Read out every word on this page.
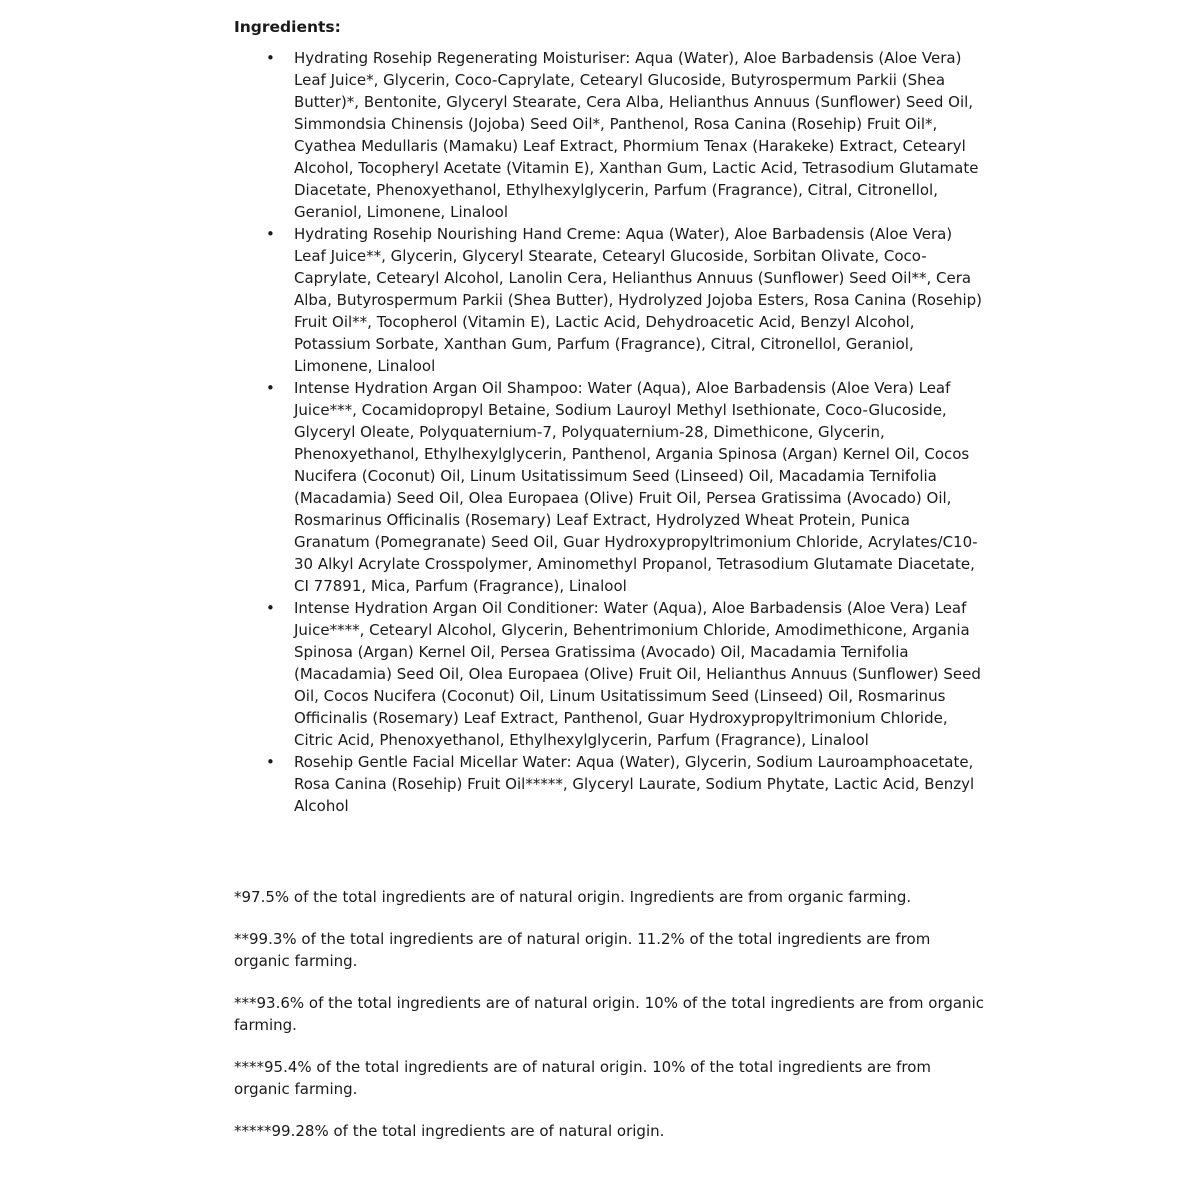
Ingredients:
• Hydrating Rosehip Regenerating Moisturiser: Aqua (Water), Aloe Barbadensis (Aloe Vera) Leaf Juice*, Glycerin, Coco-Caprylate, Cetearyl Glucoside, Butyrospermum Parkii (Shea Butter)*, Bentonite, Glyceryl Stearate, Cera Alba, Helianthus Annuus (Sunflower) Seed Oil, Simmondsia Chinensis (Jojoba) Seed Oil*, Panthenol, Rosa Canina (Rosehip) Fruit Oil*, Cyathea Medullaris (Mamaku) Leaf Extract, Phormium Tenax (Harakeke) Extract, Cetearyl Alcohol, Tocopheryl Acetate (Vitamin E), Xanthan Gum, Lactic Acid, Tetrasodium Glutamate Diacetate, Phenoxyethanol, Ethylhexylglycerin, Parfum (Fragrance), Citral, Citronellol, Geraniol, Limonene, Linalool
• Hydrating Rosehip Nourishing Hand Creme: Aqua (Water), Aloe Barbadensis (Aloe Vera) Leaf Juice**, Glycerin, Glyceryl Stearate, Cetearyl Glucoside, Sorbitan Olivate, Coco-Caprylate, Cetearyl Alcohol, Lanolin Cera, Helianthus Annuus (Sunflower) Seed Oil**, Cera Alba, Butyrospermum Parkii (Shea Butter), Hydrolyzed Jojoba Esters, Rosa Canina (Rosehip) Fruit Oil**, Tocopherol (Vitamin E), Lactic Acid, Dehydroacetic Acid, Benzyl Alcohol, Potassium Sorbate, Xanthan Gum, Parfum (Fragrance), Citral, Citronellol, Geraniol, Limonene, Linalool
• Intense Hydration Argan Oil Shampoo: Water (Aqua), Aloe Barbadensis (Aloe Vera) Leaf Juice***, Cocamidopropyl Betaine, Sodium Lauroyl Methyl Isethionate, Coco-Glucoside, Glyceryl Oleate, Polyquaternium-7, Polyquaternium-28, Dimethicone, Glycerin, Phenoxyethanol, Ethylhexylglycerin, Panthenol, Argania Spinosa (Argan) Kernel Oil, Cocos Nucifera (Coconut) Oil, Linum Usitatissimum Seed (Linseed) Oil, Macadamia Ternifolia (Macadamia) Seed Oil, Olea Europaea (Olive) Fruit Oil, Persea Gratissima (Avocado) Oil, Rosmarinus Officinalis (Rosemary) Leaf Extract, Hydrolyzed Wheat Protein, Punica Granatum (Pomegranate) Seed Oil, Guar Hydroxypropyltrimonium Chloride, Acrylates/C10-30 Alkyl Acrylate Crosspolymer, Aminomethyl Propanol, Tetrasodium Glutamate Diacetate, CI 77891, Mica, Parfum (Fragrance), Linalool
• Intense Hydration Argan Oil Conditioner: Water (Aqua), Aloe Barbadensis (Aloe Vera) Leaf Juice****, Cetearyl Alcohol, Glycerin, Behentrimonium Chloride, Amodimethicone, Argania Spinosa (Argan) Kernel Oil, Persea Gratissima (Avocado) Oil, Macadamia Ternifolia (Macadamia) Seed Oil, Olea Europaea (Olive) Fruit Oil, Helianthus Annuus (Sunflower) Seed Oil, Cocos Nucifera (Coconut) Oil, Linum Usitatissimum Seed (Linseed) Oil, Rosmarinus Officinalis (Rosemary) Leaf Extract, Panthenol, Guar Hydroxypropyltrimonium Chloride, Citric Acid, Phenoxyethanol, Ethylhexylglycerin, Parfum (Fragrance), Linalool
• Rosehip Gentle Facial Micellar Water: Aqua (Water), Glycerin, Sodium Lauroamphoacetate, Rosa Canina (Rosehip) Fruit Oil*****, Glyceryl Laurate, Sodium Phytate, Lactic Acid, Benzyl Alcohol

*97.5% of the total ingredients are of natural origin. Ingredients are from organic farming.

**99.3% of the total ingredients are of natural origin. 11.2% of the total ingredients are from organic farming.

***93.6% of the total ingredients are of natural origin. 10% of the total ingredients are from organic farming.

****95.4% of the total ingredients are of natural origin. 10% of the total ingredients are from organic farming.

*****99.28% of the total ingredients are of natural origin.
